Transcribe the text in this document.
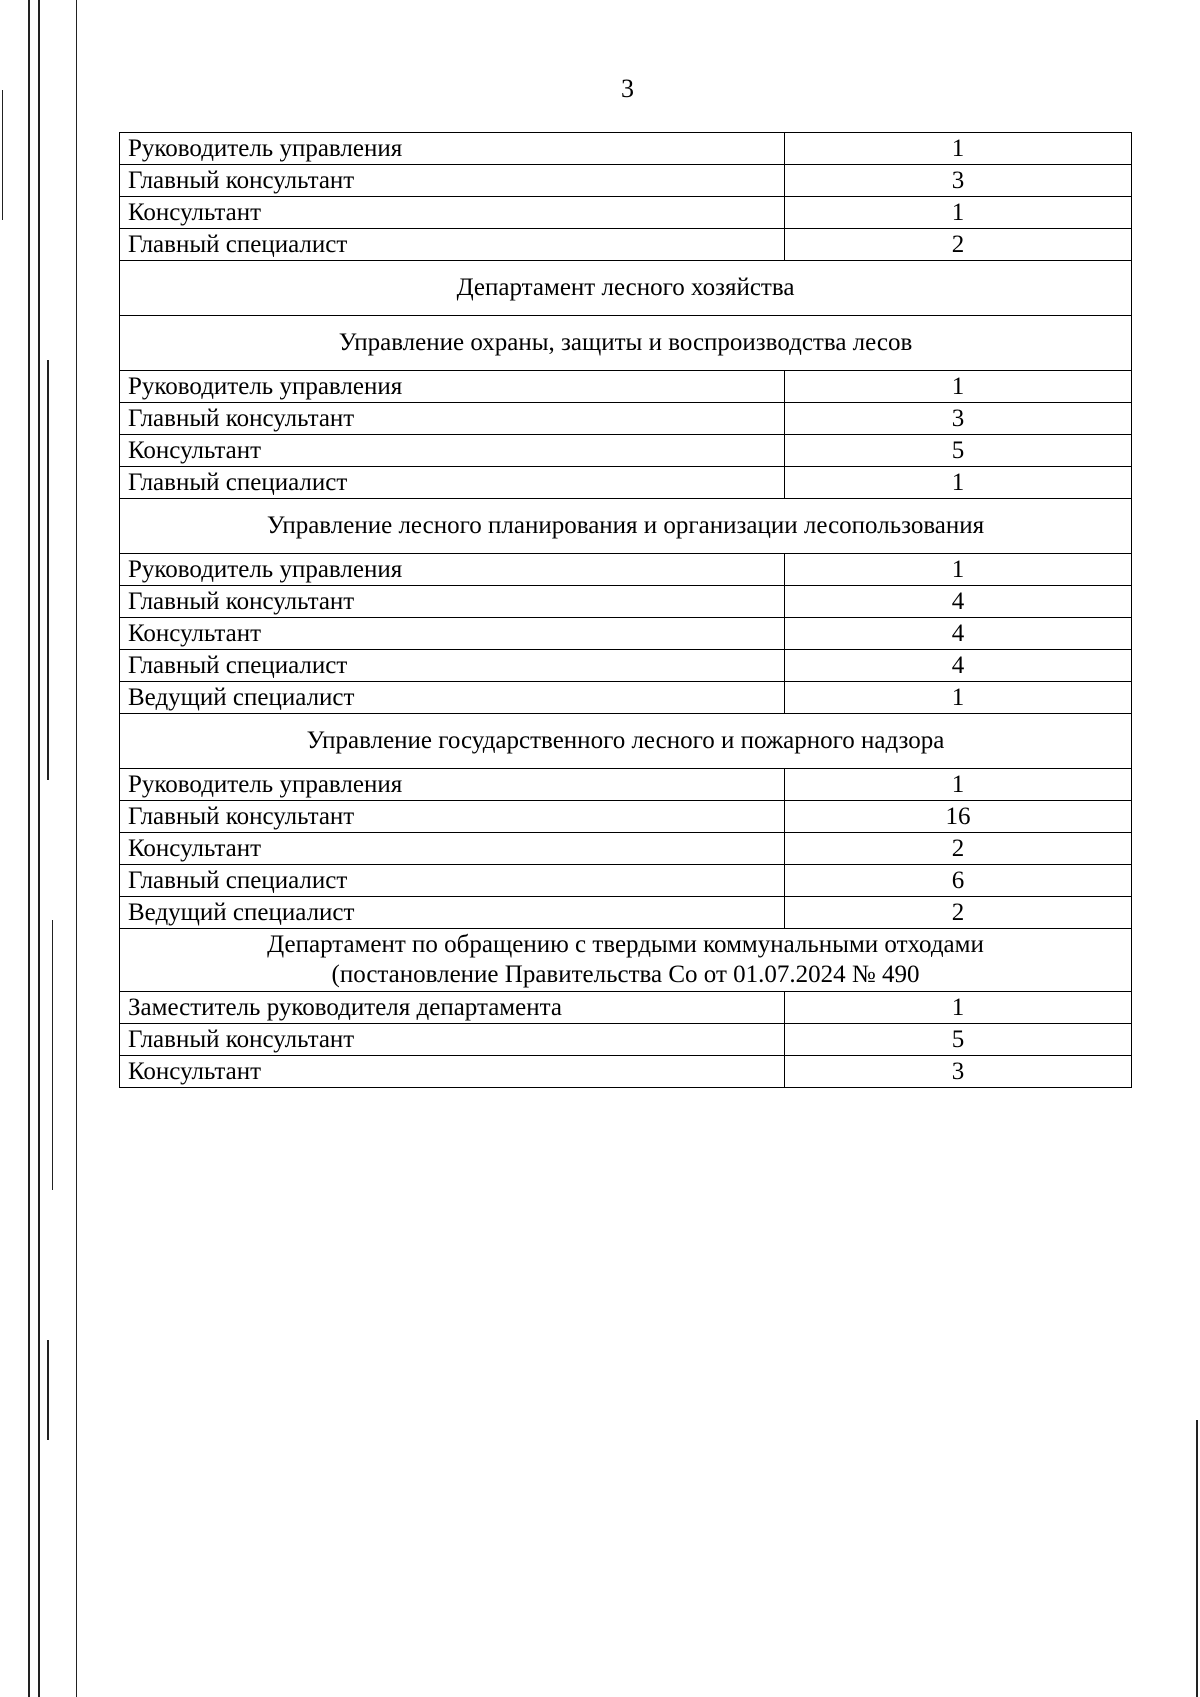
3
Руководитель управления	1
Главный консультант	3
Консультант	1
Главный специалист	2

Департамент лесного хозяйства	

Управление охраны, защиты и воспроизводства лесов	

Руководитель управления	1
Главный консультант	3
Консультант	5
Главный специалист	1

Управление лесного планирования и организации лесопользования	

Руководитель управления	1
Главный консультант	4
Консультант	4
Главный специалист	4
Ведущий специалист	1

Управление государственного лесного и пожарного надзора	

Руководитель управления	1
Главный консультант	16
Консультант	2
Главный специалист	6
Ведущий специалист	2

Департамент по обращению с твердыми коммунальными отходами
(постановление Правительства Со от 01.07.2024 № 490	

Заместитель руководителя департамента	1
Главный консультант	5
Консультант	3
